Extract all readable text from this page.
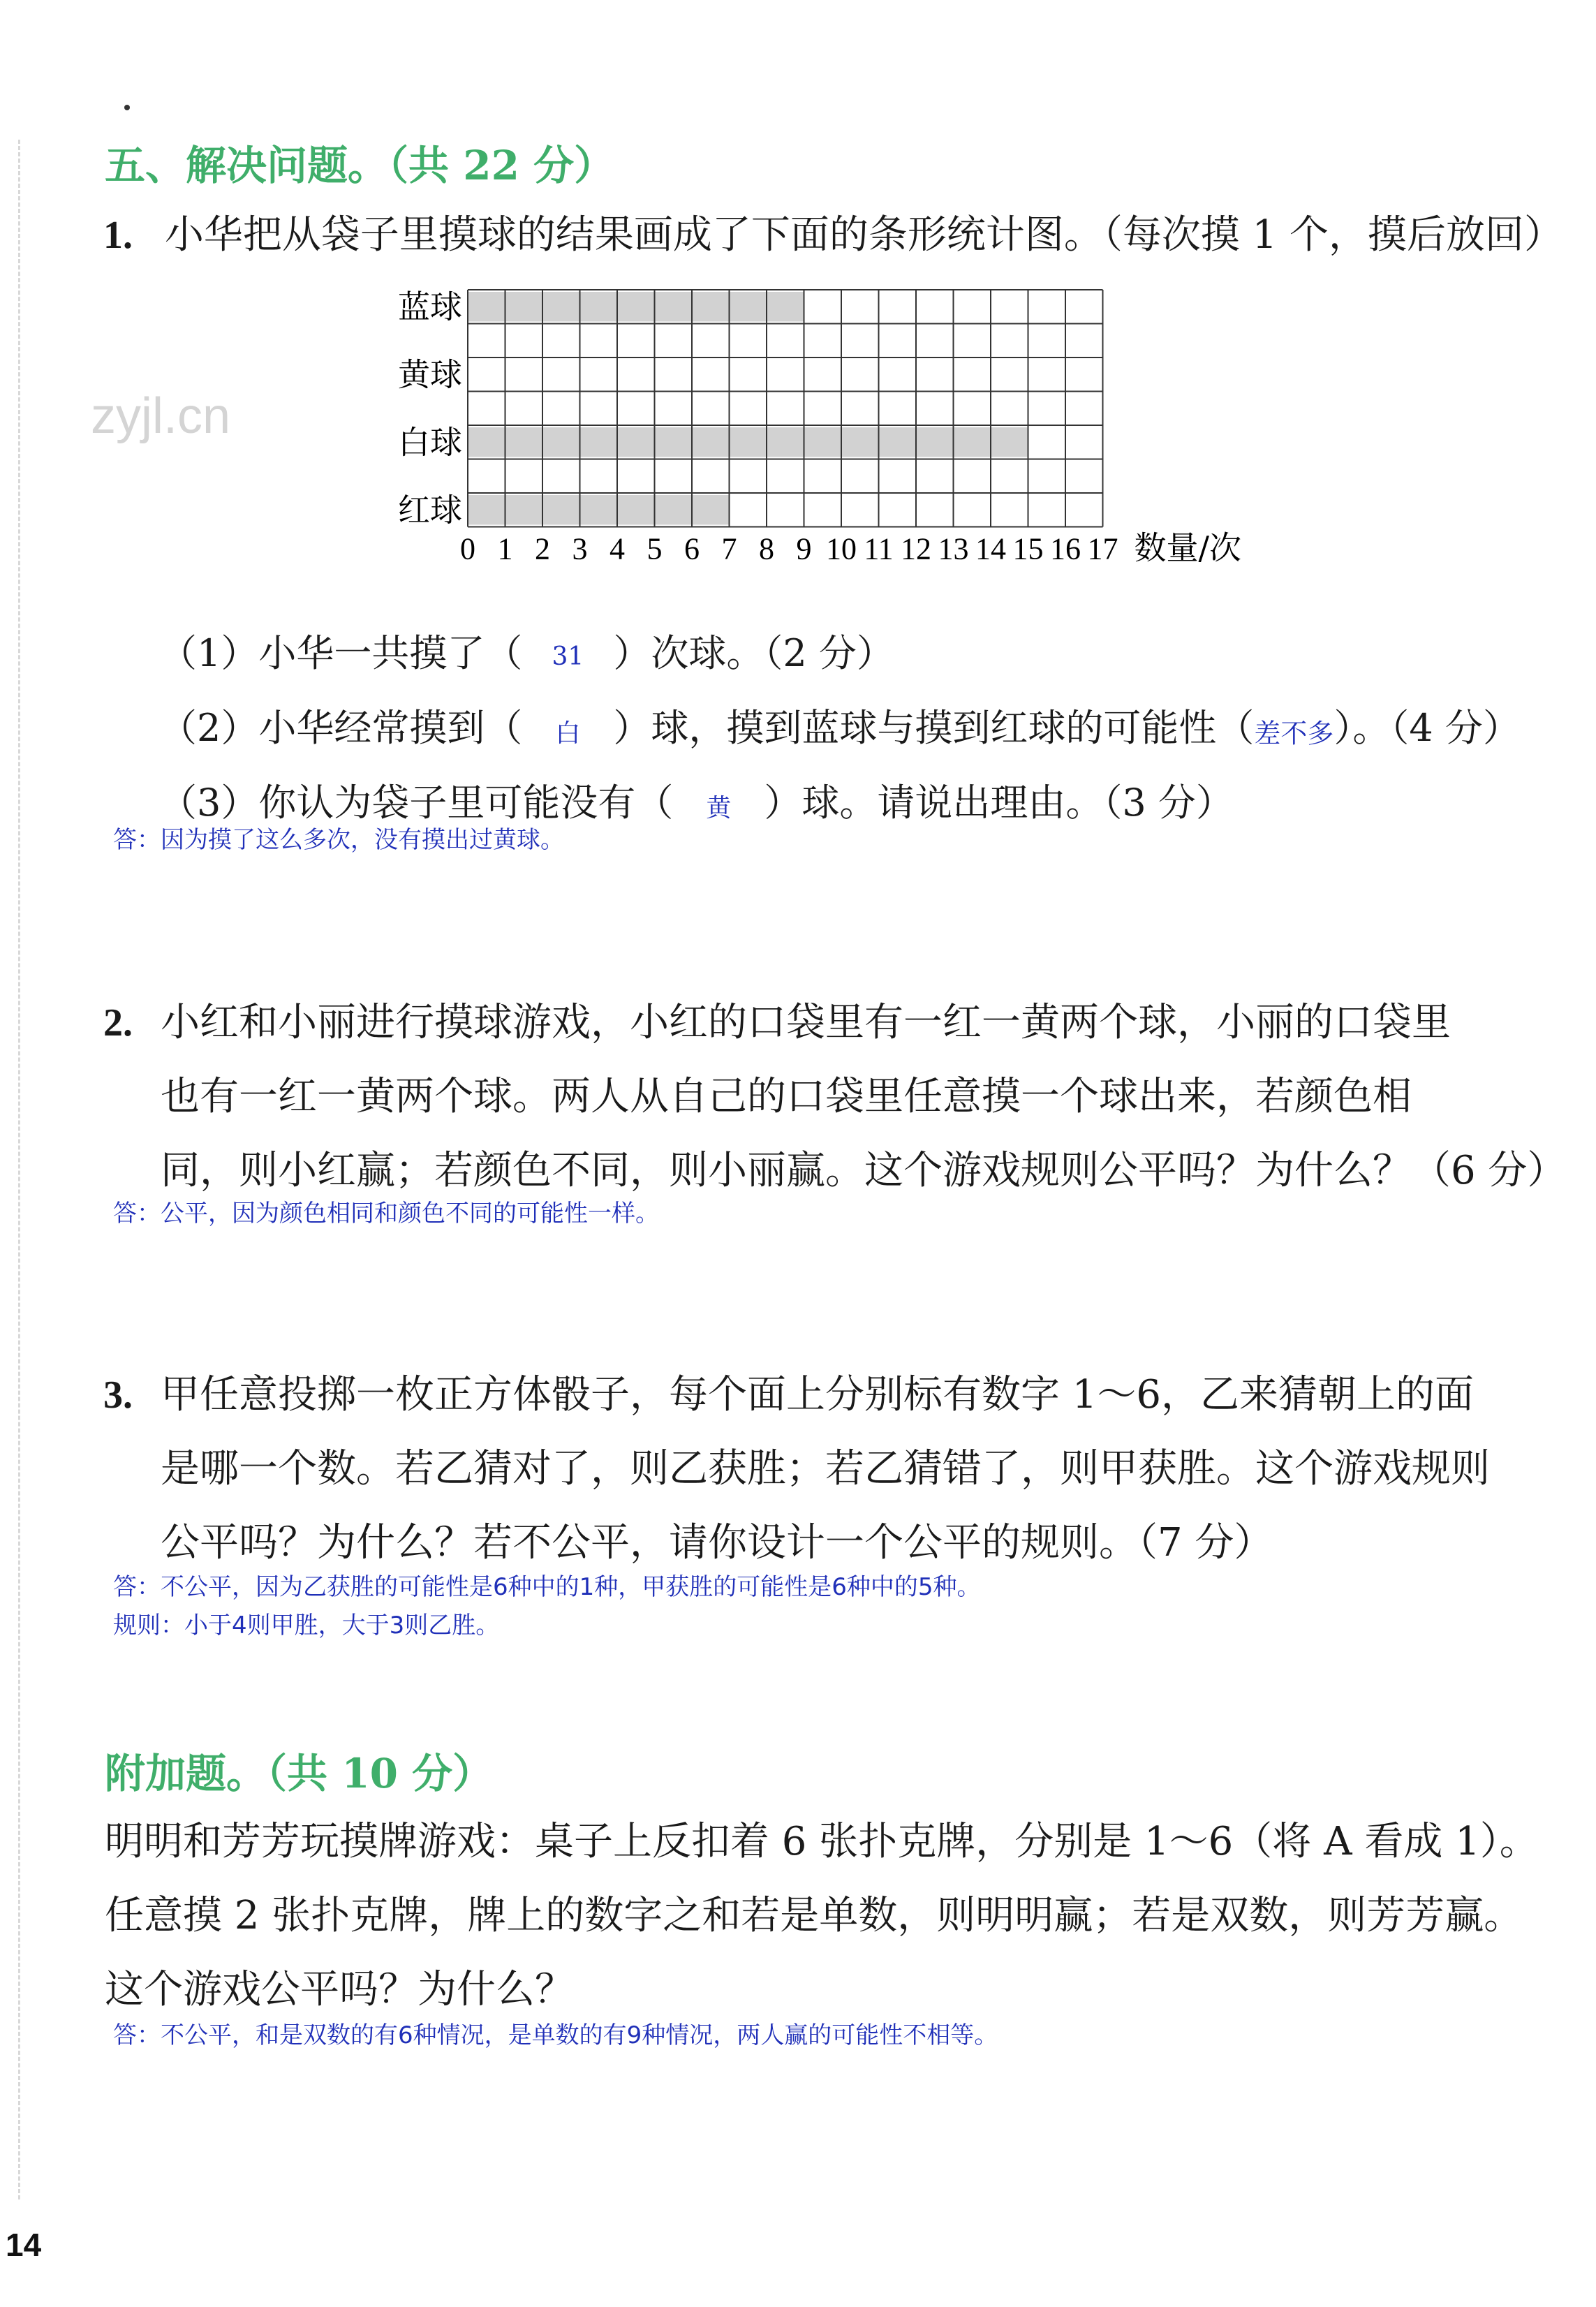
五、解决问题。（共 22 分）
1. 小华把从袋子里摸球的结果画成了下面的条形统计图。（每次摸 1 个，摸后放回）
zyjl.cn
蓝球
黄球
白球
红球
0 1 2 3 4 5 6 7 8 9 10 11 12 13 14 15 16 17 数量/次
（1）小华一共摸了（ 31 ）次球。（2 分）
（2）小华经常摸到（ 白 ）球，摸到蓝球与摸到红球的可能性（差不多）。（4 分）
（3）你认为袋子里可能没有（ 黄 ）球。请说出理由。（3 分）
答：因为摸了这么多次，没有摸出过黄球。
2. 小红和小丽进行摸球游戏，小红的口袋里有一红一黄两个球，小丽的口袋里
也有一红一黄两个球。两人从自己的口袋里任意摸一个球出来，若颜色相
同，则小红赢；若颜色不同，则小丽赢。这个游戏规则公平吗？为什么？（6 分）
答：公平，因为颜色相同和颜色不同的可能性一样。
3. 甲任意投掷一枚正方体骰子，每个面上分别标有数字 1～6，乙来猜朝上的面
是哪一个数。若乙猜对了，则乙获胜；若乙猜错了，则甲获胜。这个游戏规则
公平吗？为什么？若不公平，请你设计一个公平的规则。（7 分）
答：不公平，因为乙获胜的可能性是6种中的1种，甲获胜的可能性是6种中的5种。
规则：小于4则甲胜，大于3则乙胜。
附加题。（共 10 分）
明明和芳芳玩摸牌游戏：桌子上反扣着 6 张扑克牌，分别是 1～6（将 A 看成 1）。
任意摸 2 张扑克牌，牌上的数字之和若是单数，则明明赢；若是双数，则芳芳赢。
这个游戏公平吗？为什么？
答：不公平，和是双数的有6种情况，是单数的有9种情况，两人赢的可能性不相等。
14
